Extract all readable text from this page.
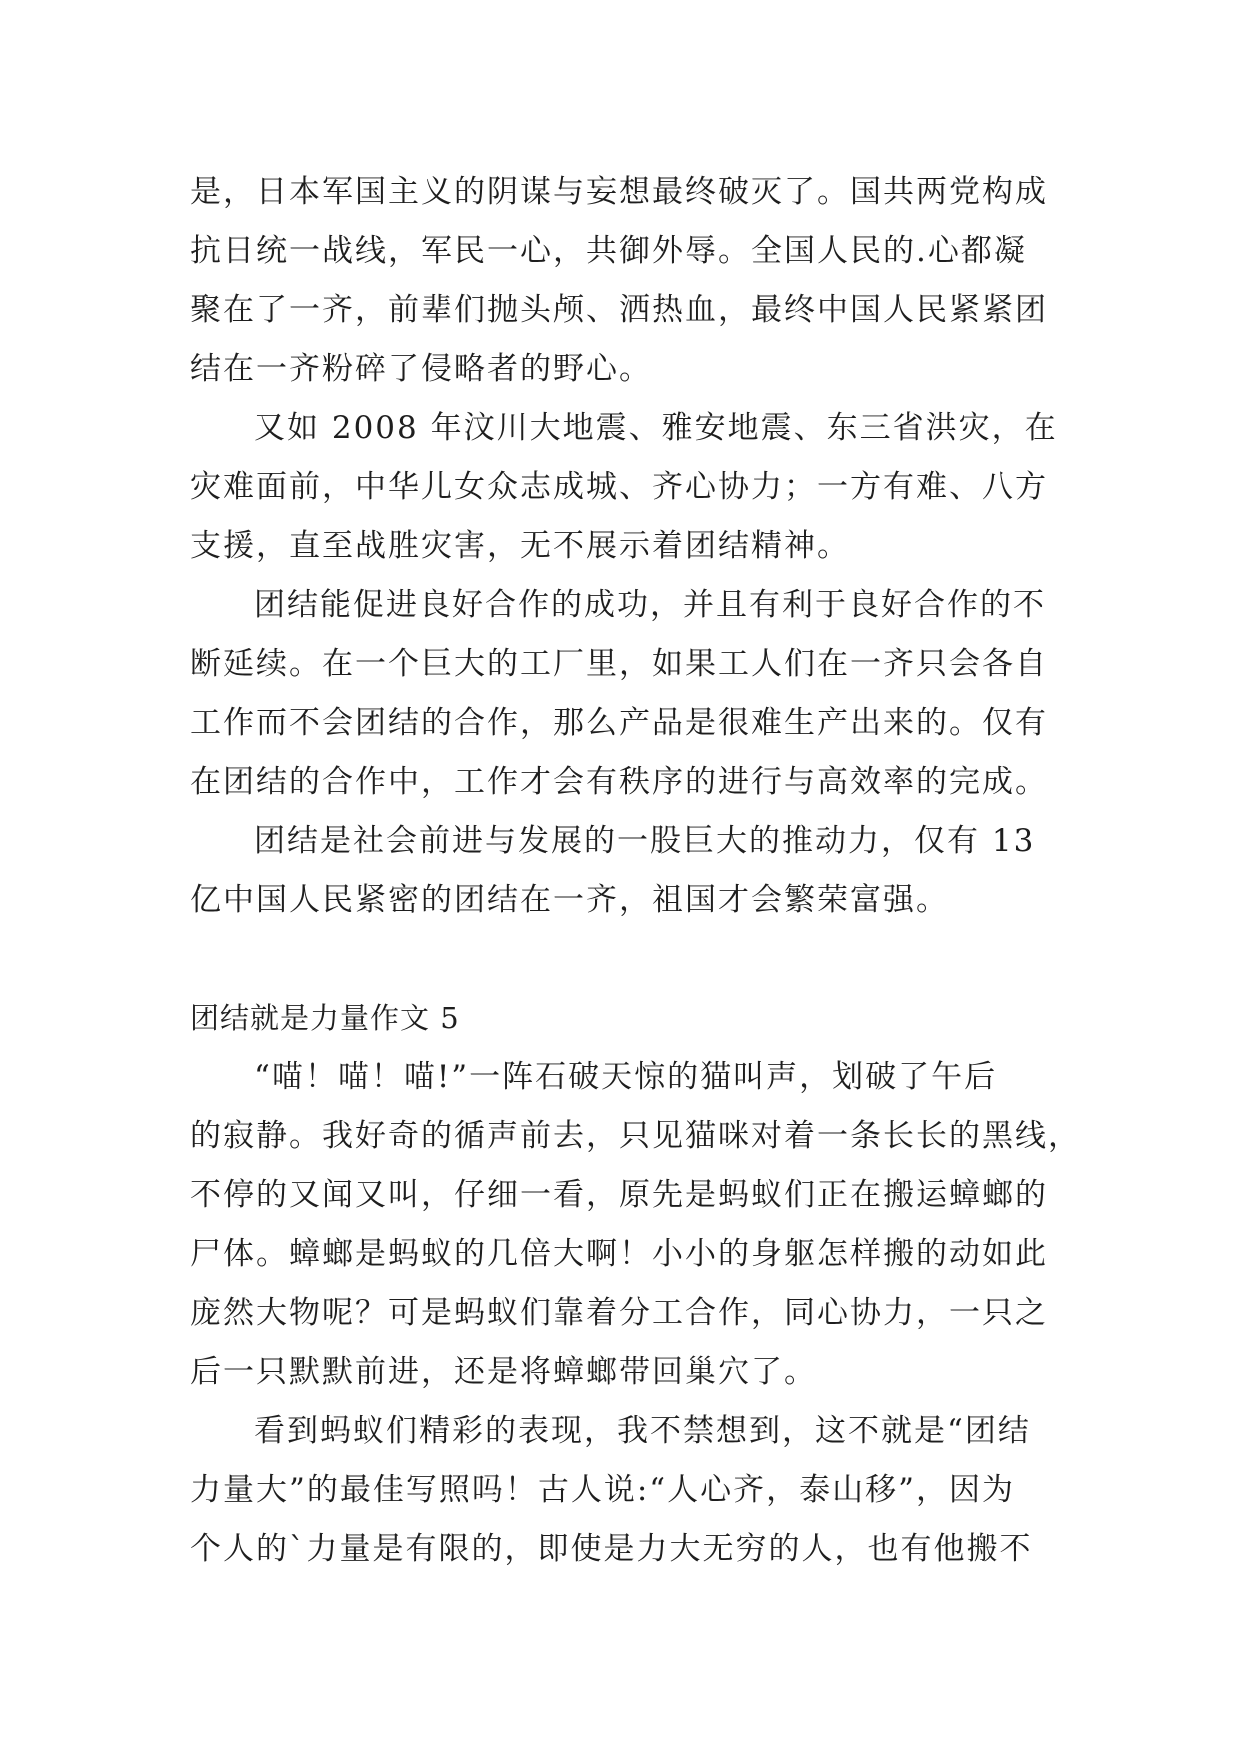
是，日本军国主义的阴谋与妄想最终破灭了。国共两党构成
抗日统一战线，军民一心，共御外辱。全国人民的.心都凝
聚在了一齐，前辈们抛头颅、洒热血，最终中国人民紧紧团
结在一齐粉碎了侵略者的野心。
又如 2008 年汶川大地震、雅安地震、东三省洪灾，在
灾难面前，中华儿女众志成城、齐心协力；一方有难、八方
支援，直至战胜灾害，无不展示着团结精神。
团结能促进良好合作的成功，并且有利于良好合作的不
断延续。在一个巨大的工厂里，如果工人们在一齐只会各自
工作而不会团结的合作，那么产品是很难生产出来的。仅有
在团结的合作中，工作才会有秩序的进行与高效率的完成。
团结是社会前进与发展的一股巨大的推动力，仅有 13
亿中国人民紧密的团结在一齐，祖国才会繁荣富强。
团结就是力量作文 5
“喵！喵！喵!”一阵石破天惊的猫叫声，划破了午后
的寂静。我好奇的循声前去，只见猫咪对着一条长长的黑线，
不停的又闻又叫，仔细一看，原先是蚂蚁们正在搬运蟑螂的
尸体。蟑螂是蚂蚁的几倍大啊！小小的身躯怎样搬的动如此
庞然大物呢？可是蚂蚁们靠着分工合作，同心协力，一只之
后一只默默前进，还是将蟑螂带回巢穴了。
看到蚂蚁们精彩的表现，我不禁想到，这不就是“团结
力量大”的最佳写照吗！古人说:“人心齐，泰山移”，因为
个人的`力量是有限的，即使是力大无穷的人，也有他搬不
